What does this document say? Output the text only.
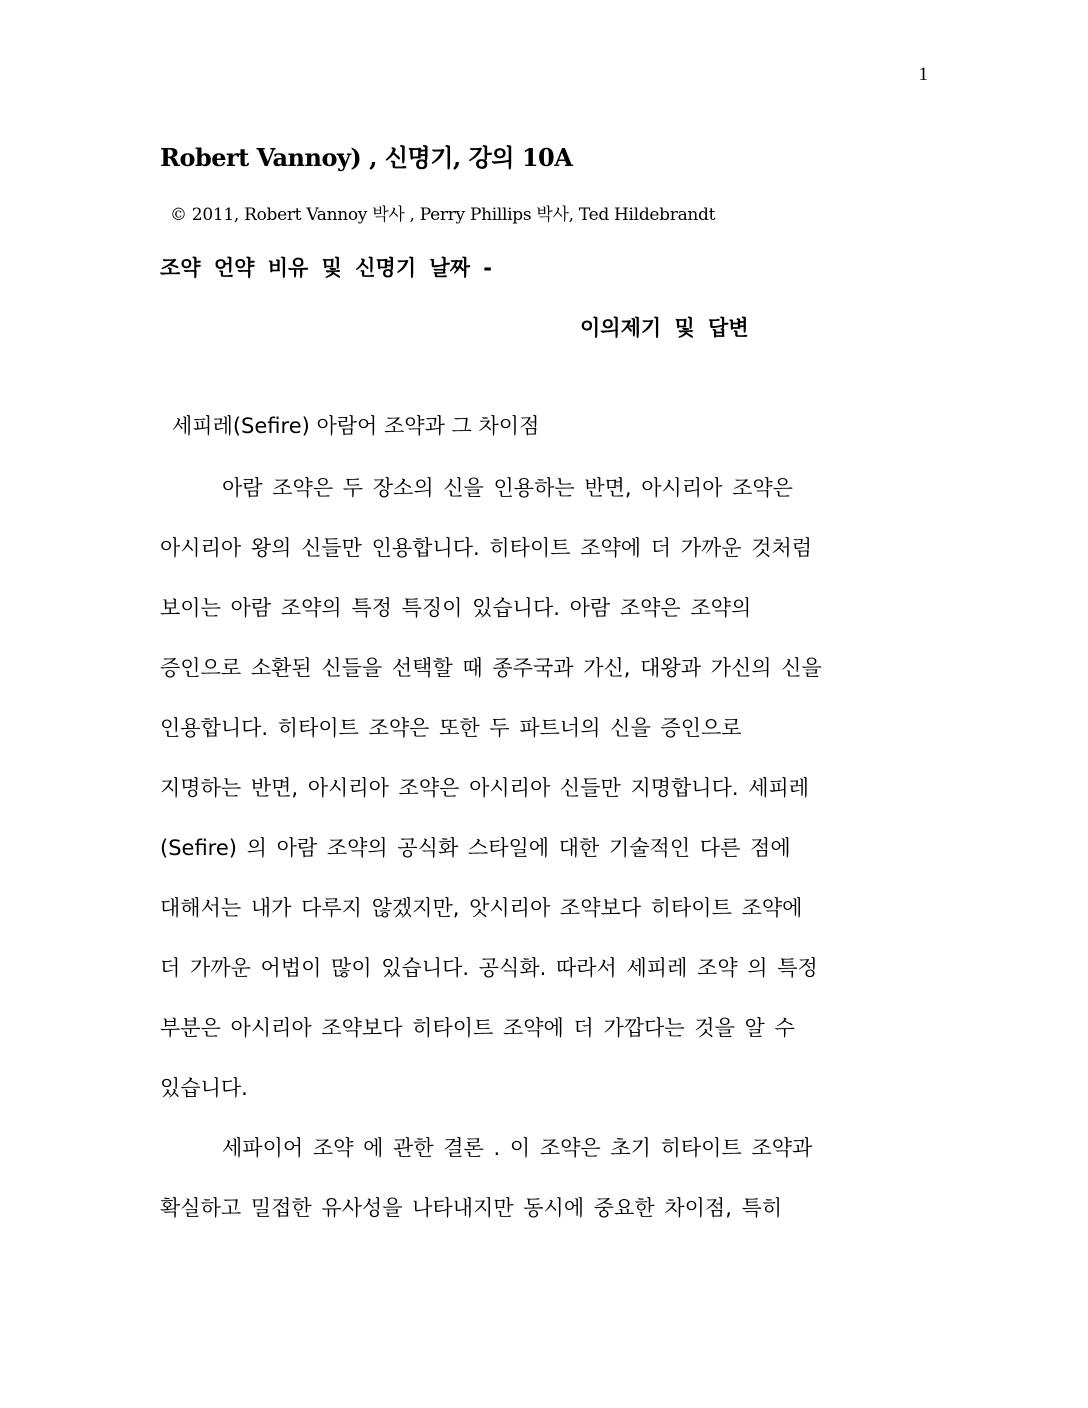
1
Robert Vannoy) , 신명기, 강의 10A
© 2011, Robert Vannoy 박사 , Perry Phillips 박사, Ted Hildebrandt
조약 언약 비유 및 신명기 날짜 -
이의제기 및 답변
세피레(Sefire) 아람어 조약과 그 차이점
아람 조약은 두 장소의 신을 인용하는 반면, 아시리아 조약은
아시리아 왕의 신들만 인용합니다. 히타이트 조약에 더 가까운 것처럼
보이는 아람 조약의 특정 특징이 있습니다. 아람 조약은 조약의
증인으로 소환된 신들을 선택할 때 종주국과 가신, 대왕과 가신의 신을
인용합니다. 히타이트 조약은 또한 두 파트너의 신을 증인으로
지명하는 반면, 아시리아 조약은 아시리아 신들만 지명합니다. 세피레
(Sefire) 의 아람 조약의 공식화 스타일에 대한 기술적인 다른 점에
대해서는 내가 다루지 않겠지만, 앗시리아 조약보다 히타이트 조약에
더 가까운 어법이 많이 있습니다. 공식화. 따라서 세피레 조약 의 특정
부분은 아시리아 조약보다 히타이트 조약에 더 가깝다는 것을 알 수
있습니다.
세파이어 조약 에 관한 결론 . 이 조약은 초기 히타이트 조약과
확실하고 밀접한 유사성을 나타내지만 동시에 중요한 차이점, 특히
